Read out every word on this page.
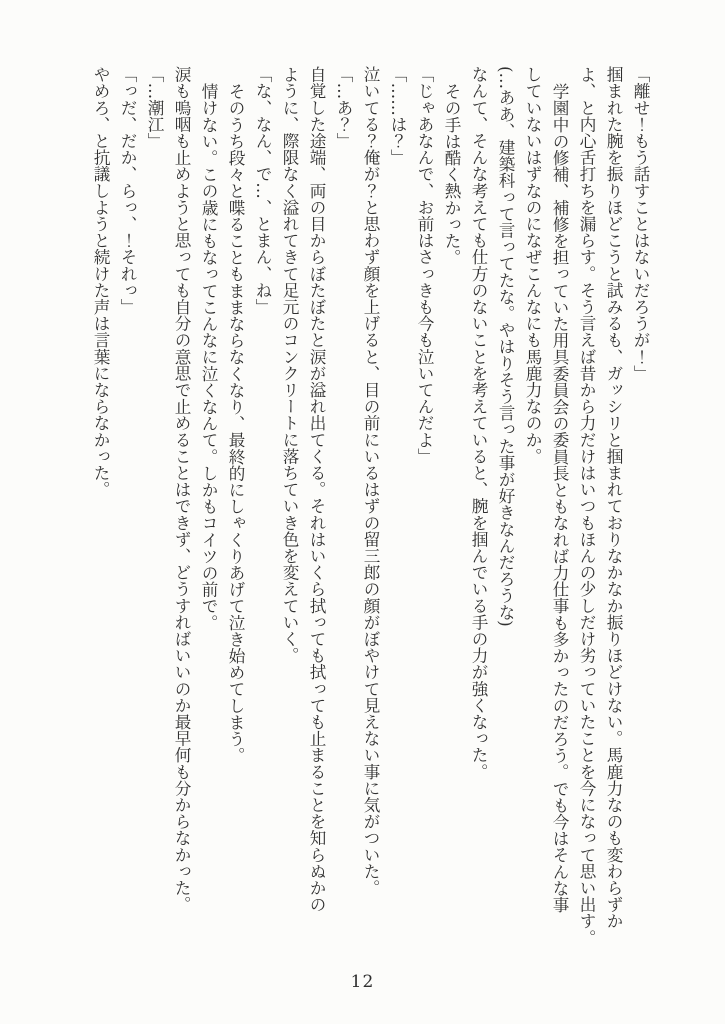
「離せ！もう話すことはないだろうが！」

掴まれた腕を振りほどこうと試みるも、ガッシリと掴まれておりなかなか振りほどけない。馬鹿力なのも変わらずか

よ、と内心舌打ちを漏らす。そう言えば昔から力だけはいつもほんの少しだけ劣っていたことを今になって思い出す。

学園中の修補、補修を担っていた用具委員会の委員長ともなれば力仕事も多かったのだろう。でも今はそんな事

していないはずなのになぜこんなにも馬鹿力なのか。

(…ああ、建築科って言ってたな。やはりそう言った事が好きなんだろうな)

なんて、そんな考えても仕方のないことを考えていると、腕を掴んでいる手の力が強くなった。

その手は酷く熱かった。

「じゃあなんで、お前はさっきも今も泣いてんだよ」

「……は？」

泣いてる？俺が？と思わず顔を上げると、目の前にいるはずの留三郎の顔がぼやけて見えない事に気がついた。

「…あ？」

自覚した途端、両の目からぼたぼたと涙が溢れ出てくる。それはいくら拭っても拭っても止まることを知らぬかの

ように、際限なく溢れてきて足元のコンクリートに落ちていき色を変えていく。

「な、なん、で…、とまん、ね」

そのうち段々と喋ることもままならなくなり、最終的にしゃくりあげて泣き始めてしまう。

情けない。この歳にもなってこんなに泣くなんて。しかもコイツの前で。

涙も嗚咽も止めようと思っても自分の意思で止めることはできず、どうすればいいのか最早何も分からなかった。

「…潮江」

「っだ、だか、らっ、！それっ」

やめろ、と抗議しようと続けた声は言葉にならなかった。

12
